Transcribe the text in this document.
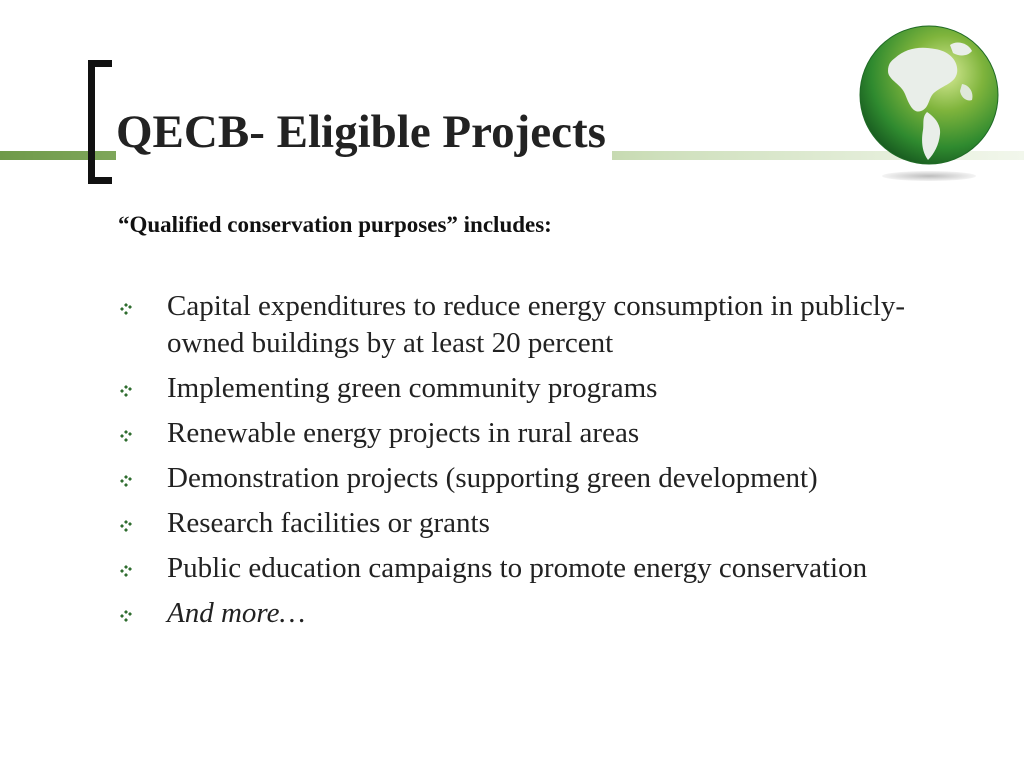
QECB- Eligible Projects

“Qualified conservation purposes” includes:

Capital expenditures to reduce energy consumption in publicly-owned buildings by at least 20 percent
Implementing green community programs
Renewable energy projects in rural areas
Demonstration projects (supporting green development)
Research facilities or grants
Public education campaigns to promote energy conservation
And more…
